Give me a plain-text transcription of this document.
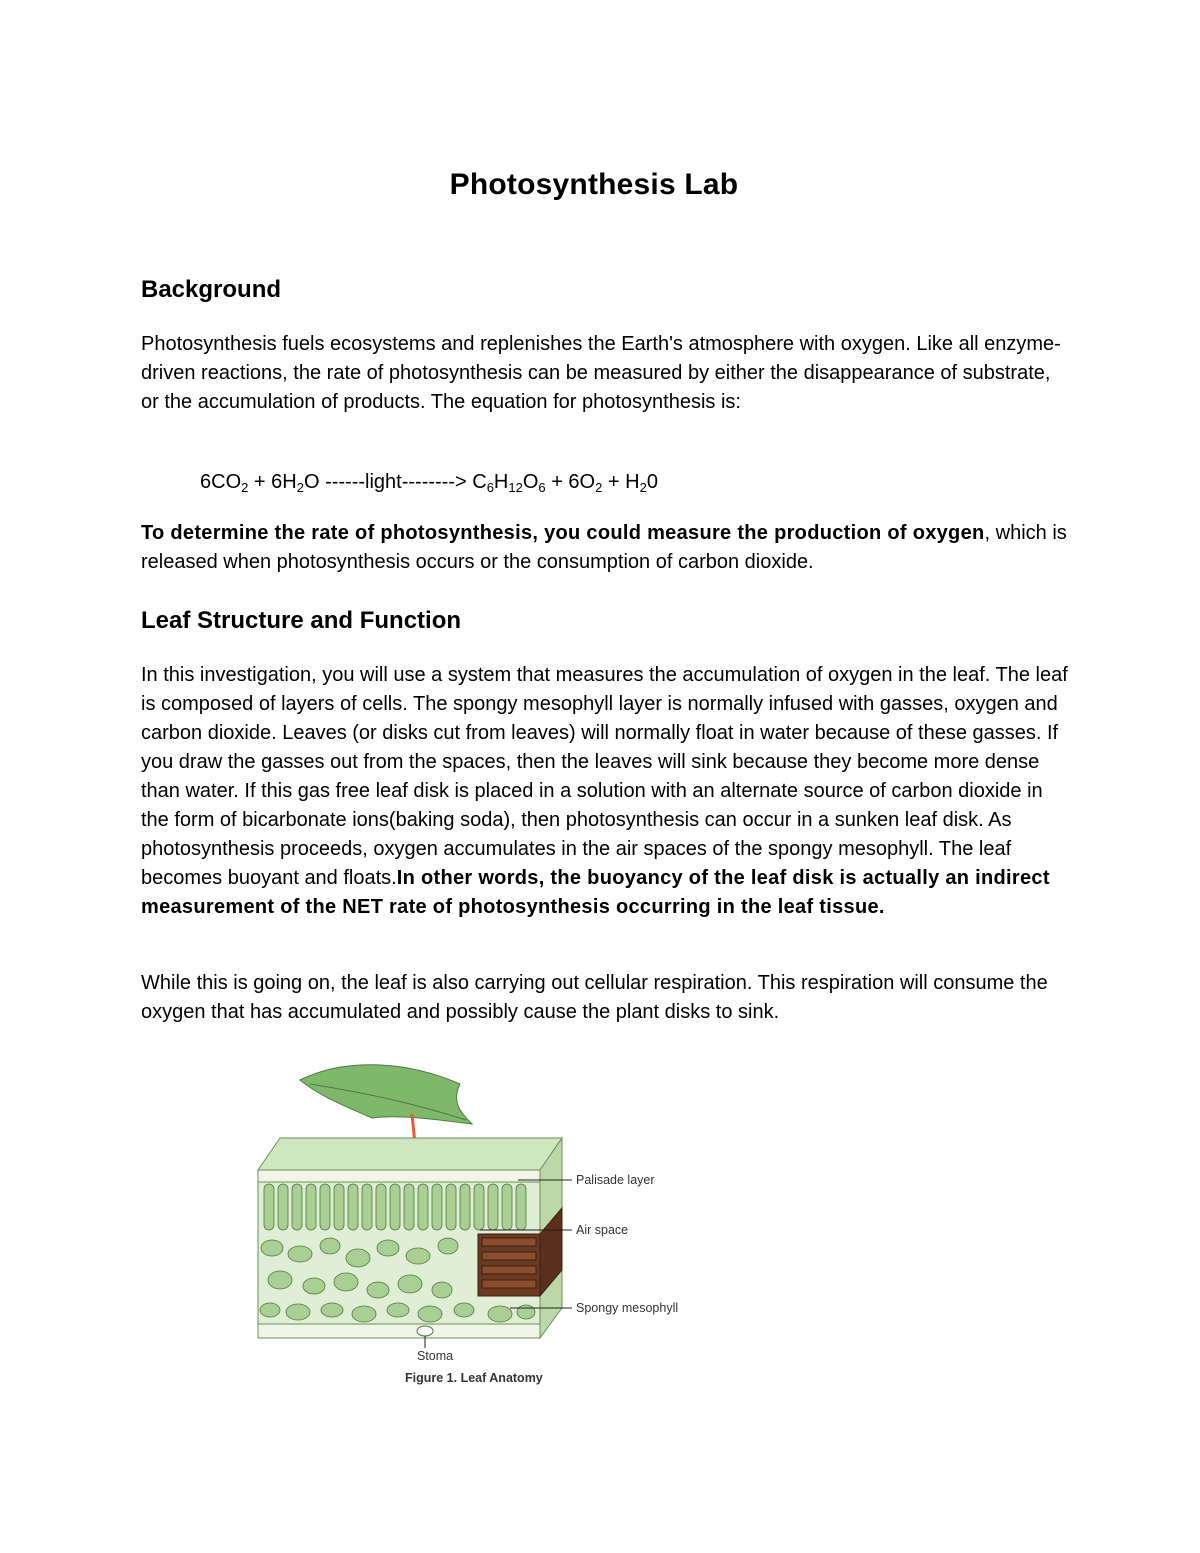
Photosynthesis Lab
Background

Photosynthesis fuels ecosystems and replenishes the Earth's atmosphere with oxygen. Like all enzyme-driven reactions, the rate of photosynthesis can be measured by either the disappearance of substrate, or the accumulation of products. The equation for photosynthesis is:

$6CO_2 + 6H_2O$ ------light--------> $C_6H_{12}O_6 + 6O_2 + H_20$

To determine the rate of photosynthesis, you could measure the production of oxygen, which is released when photosynthesis occurs or the consumption of carbon dioxide.

Leaf Structure and Function

In this investigation, you will use a system that measures the accumulation of oxygen in the leaf. The leaf is composed of layers of cells. The spongy mesophyll layer is normally infused with gasses, oxygen and carbon dioxide. Leaves (or disks cut from leaves) will normally float in water because of these gasses. If you draw the gasses out from the spaces, then the leaves will sink because they become more dense than water. If this gas free leaf disk is placed in a solution with an alternate source of carbon dioxide in the form of bicarbonate ions(baking soda), then photosynthesis can occur in a sunken leaf disk. As photosynthesis proceeds, oxygen accumulates in the air spaces of the spongy mesophyll. The leaf becomes buoyant and floats.In other words, the buoyancy of the leaf disk is actually an indirect measurement of the NET rate of photosynthesis occurring in the leaf tissue.

While this is going on, the leaf is also carrying out cellular respiration. This respiration will consume the oxygen that has accumulated and possibly cause the plant disks to sink.

Palisade layer
Air space
Spongy mesophyll
Stoma
Figure 1. Leaf Anatomy
